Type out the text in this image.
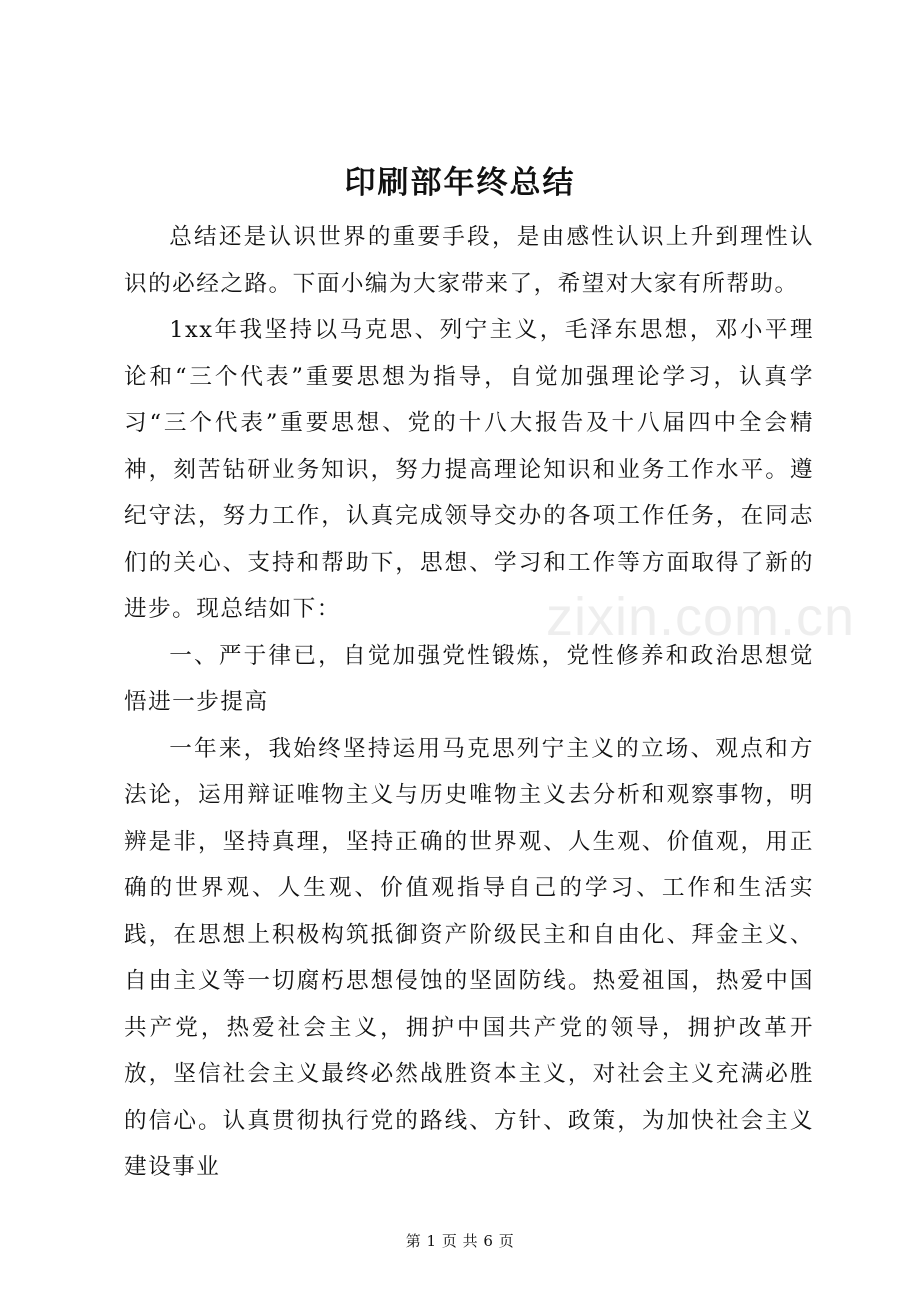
印刷部年终总结

总结还是认识世界的重要手段，是由感性认识上升到理性认识的必经之路。下面小编为大家带来了，希望对大家有所帮助。

1xx年我坚持以马克思、列宁主义，毛泽东思想，邓小平理论和“三个代表”重要思想为指导，自觉加强理论学习，认真学习“三个代表”重要思想、党的十八大报告及十八届四中全会精神，刻苦钻研业务知识，努力提高理论知识和业务工作水平。遵纪守法，努力工作，认真完成领导交办的各项工作任务，在同志们的关心、支持和帮助下，思想、学习和工作等方面取得了新的进步。现总结如下：

一、严于律已，自觉加强党性锻炼，党性修养和政治思想觉悟进一步提高

一年来，我始终坚持运用马克思列宁主义的立场、观点和方法论，运用辩证唯物主义与历史唯物主义去分析和观察事物，明辨是非，坚持真理，坚持正确的世界观、人生观、价值观，用正确的世界观、人生观、价值观指导自己的学习、工作和生活实践，在思想上积极构筑抵御资产阶级民主和自由化、拜金主义、自由主义等一切腐朽思想侵蚀的坚固防线。热爱祖国，热爱中国共产党，热爱社会主义，拥护中国共产党的领导，拥护改革开放，坚信社会主义最终必然战胜资本主义，对社会主义充满必胜的信心。认真贯彻执行党的路线、方针、政策，为加快社会主义建设事业

zixin.com.cn
第 1 页 共 6 页
